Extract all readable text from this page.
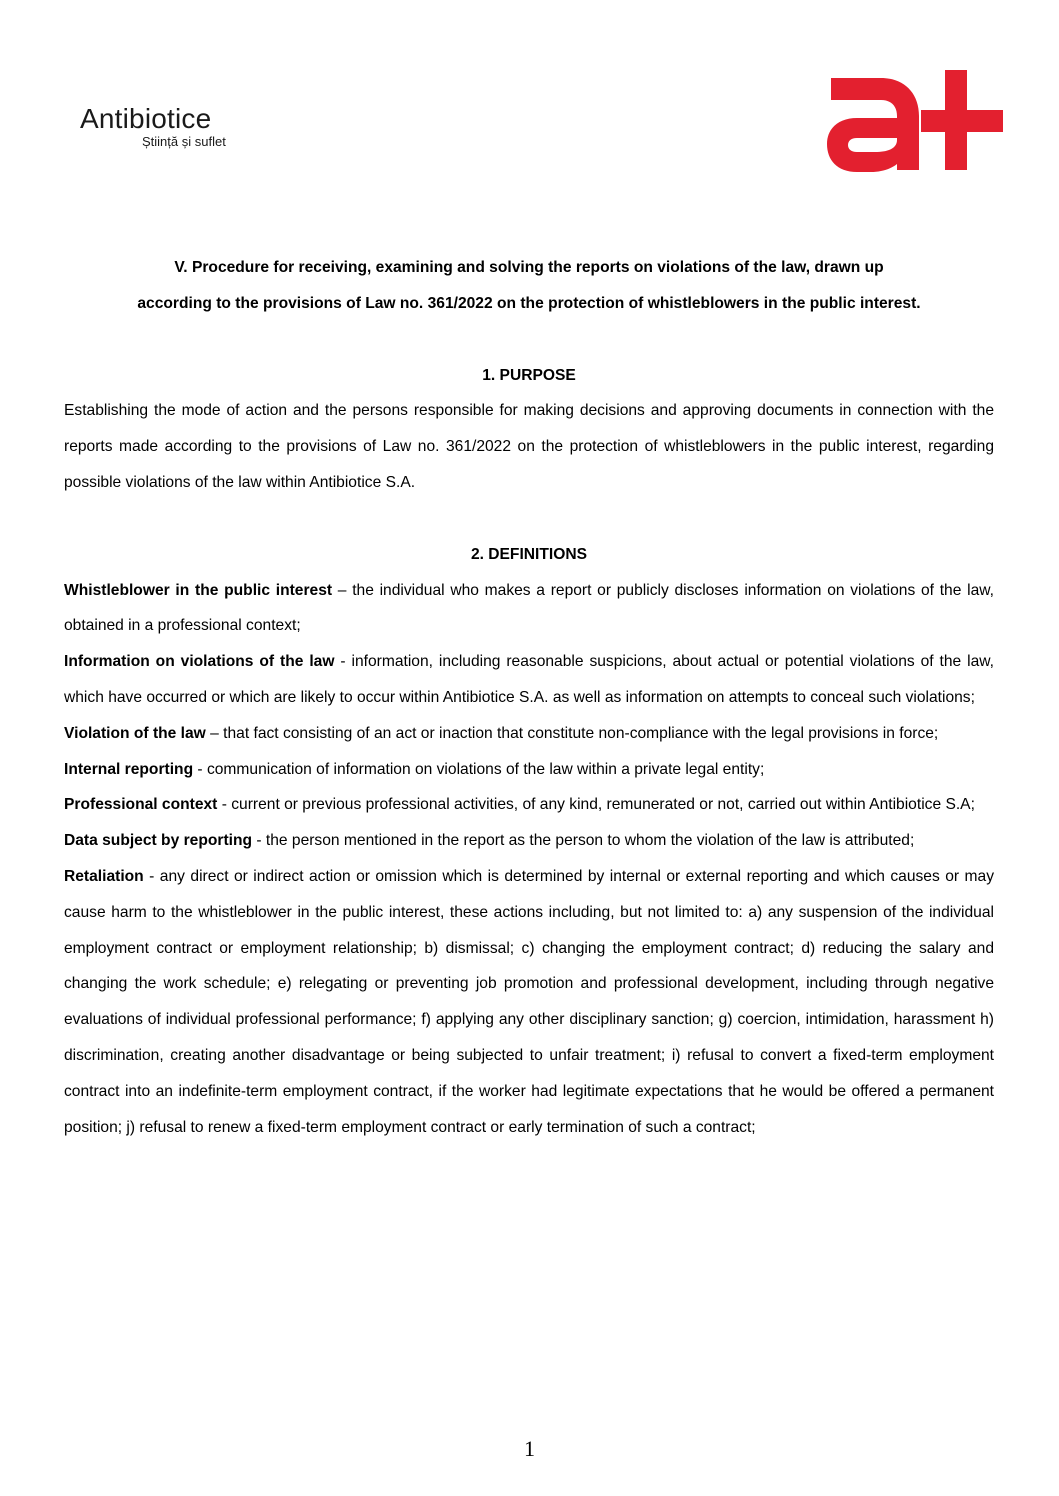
Antibiotice
Știință și suflet

V. Procedure for receiving, examining and solving the reports on violations of the law, drawn up

according to the provisions of Law no. 361/2022 on the protection of whistleblowers in the public interest.

1. PURPOSE

Establishing the mode of action and the persons responsible for making decisions and approving documents in connection with the reports made according to the provisions of Law no. 361/2022 on the protection of whistleblowers in the public interest, regarding possible violations of the law within Antibiotice S.A.

2. DEFINITIONS

Whistleblower in the public interest – the individual who makes a report or publicly discloses information on violations of the law, obtained in a professional context;

Information on violations of the law - information, including reasonable suspicions, about actual or potential violations of the law, which have occurred or which are likely to occur within Antibiotice S.A. as well as information on attempts to conceal such violations;

Violation of the law – that fact consisting of an act or inaction that constitute non-compliance with the legal provisions in force;

Internal reporting - communication of information on violations of the law within a private legal entity;

Professional context - current or previous professional activities, of any kind, remunerated or not, carried out within Antibiotice S.A;

Data subject by reporting - the person mentioned in the report as the person to whom the violation of the law is attributed;

Retaliation - any direct or indirect action or omission which is determined by internal or external reporting and which causes or may cause harm to the whistleblower in the public interest, these actions including, but not limited to: a) any suspension of the individual employment contract or employment relationship; b) dismissal; c) changing the employment contract; d) reducing the salary and changing the work schedule; e) relegating or preventing job promotion and professional development, including through negative evaluations of individual professional performance; f) applying any other disciplinary sanction; g) coercion, intimidation, harassment h) discrimination, creating another disadvantage or being subjected to unfair treatment; i) refusal to convert a fixed-term employment contract into an indefinite-term employment contract, if the worker had legitimate expectations that he would be offered a permanent position; j) refusal to renew a fixed-term employment contract or early termination of such a contract;

1
